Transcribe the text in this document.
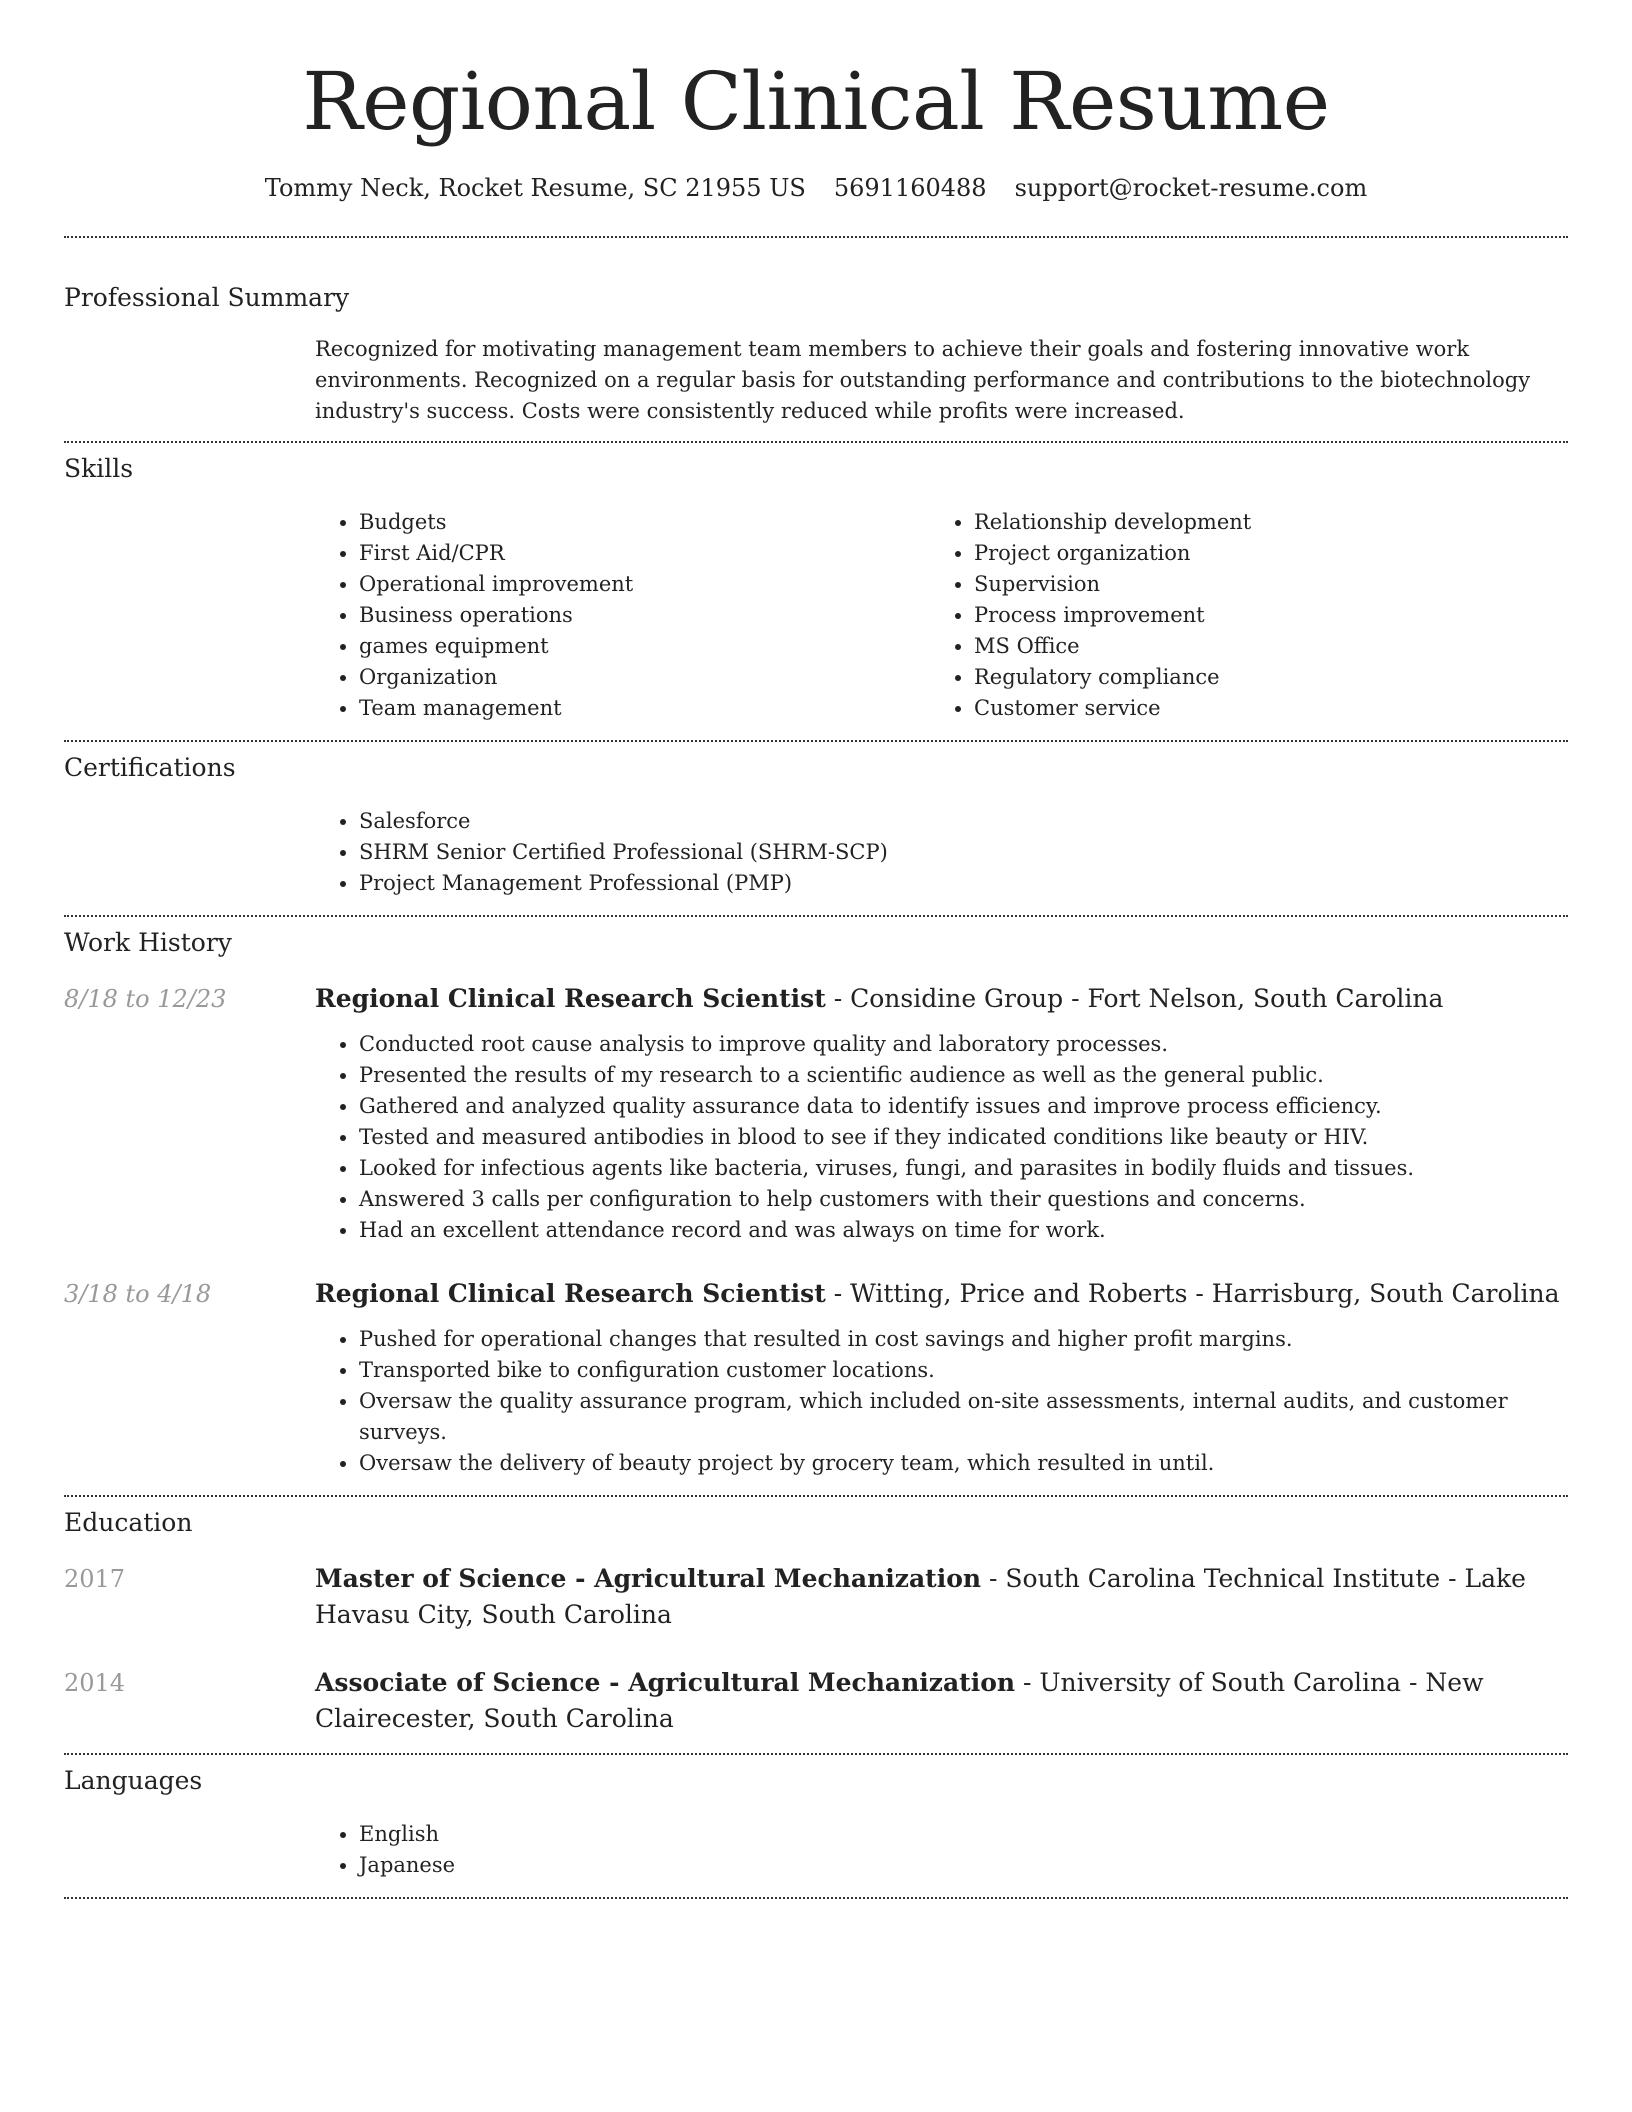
Regional Clinical Resume
Tommy Neck, Rocket Resume, SC 21955 US 5691160488 support@rocket-resume.com
Professional Summary
Recognized for motivating management team members to achieve their goals and fostering innovative work environments. Recognized on a regular basis for outstanding performance and contributions to the biotechnology industry's success. Costs were consistently reduced while profits were increased.
Skills
• Budgets
• First Aid/CPR
• Operational improvement
• Business operations
• games equipment
• Organization
• Team management
• Relationship development
• Project organization
• Supervision
• Process improvement
• MS Office
• Regulatory compliance
• Customer service
Certifications
• Salesforce
• SHRM Senior Certified Professional (SHRM-SCP)
• Project Management Professional (PMP)
Work History
8/18 to 12/23	Regional Clinical Research Scientist - Considine Group - Fort Nelson, South Carolina
• Conducted root cause analysis to improve quality and laboratory processes.
• Presented the results of my research to a scientific audience as well as the general public.
• Gathered and analyzed quality assurance data to identify issues and improve process efficiency.
• Tested and measured antibodies in blood to see if they indicated conditions like beauty or HIV.
• Looked for infectious agents like bacteria, viruses, fungi, and parasites in bodily fluids and tissues.
• Answered 3 calls per configuration to help customers with their questions and concerns.
• Had an excellent attendance record and was always on time for work.
3/18 to 4/18	Regional Clinical Research Scientist - Witting, Price and Roberts - Harrisburg, South Carolina
• Pushed for operational changes that resulted in cost savings and higher profit margins.
• Transported bike to configuration customer locations.
• Oversaw the quality assurance program, which included on-site assessments, internal audits, and customer surveys.
• Oversaw the delivery of beauty project by grocery team, which resulted in until.
Education
2017	Master of Science - Agricultural Mechanization - South Carolina Technical Institute - Lake Havasu City, South Carolina
2014	Associate of Science - Agricultural Mechanization - University of South Carolina - New Clairecester, South Carolina
Languages
• English
• Japanese
